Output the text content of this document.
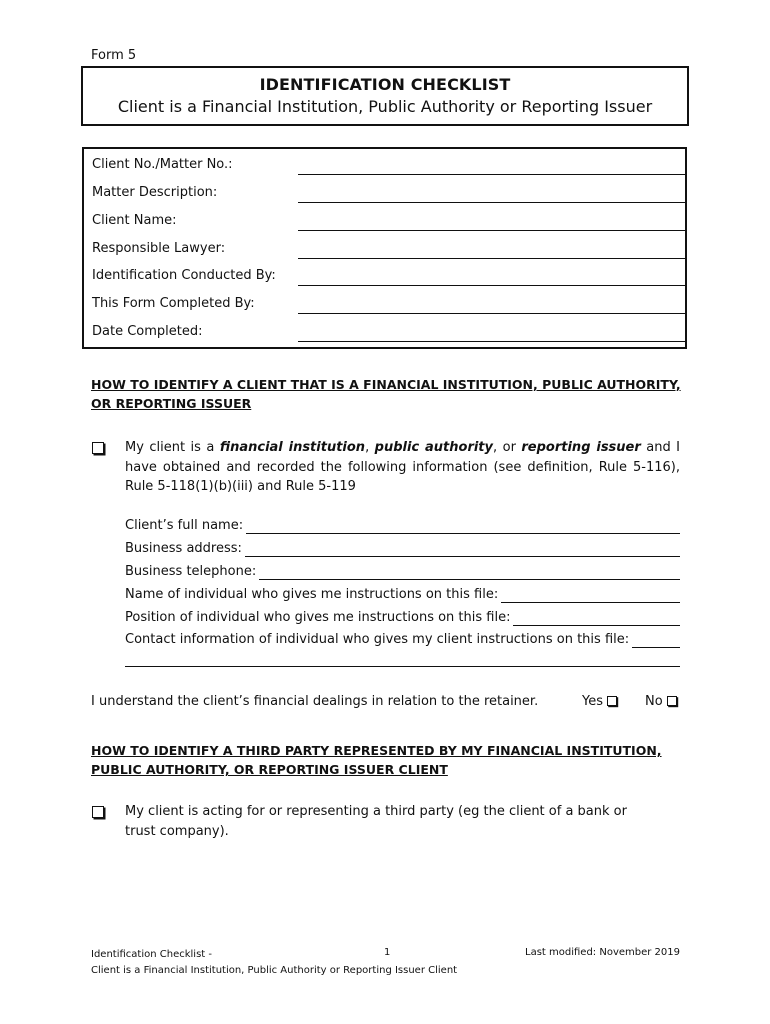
Form 5
IDENTIFICATION CHECKLIST
Client is a Financial Institution, Public Authority or Reporting Issuer
Client No./Matter No.:
Matter Description:
Client Name:
Responsible Lawyer:
Identification Conducted By:
This Form Completed By:
Date Completed:
HOW TO IDENTIFY A CLIENT THAT IS A FINANCIAL INSTITUTION, PUBLIC AUTHORITY,
OR REPORTING ISSUER
My client is a financial institution, public authority, or reporting issuer and I have obtained and recorded the following information (see definition, Rule 5-116), Rule 5-118(1)(b)(iii) and Rule 5-119
Client’s full name:
Business address:
Business telephone:
Name of individual who gives me instructions on this file:
Position of individual who gives me instructions on this file:
Contact information of individual who gives my client instructions on this file:
I understand the client’s financial dealings in relation to the retainer.	Yes	No
HOW TO IDENTIFY A THIRD PARTY REPRESENTED BY MY FINANCIAL INSTITUTION,
PUBLIC AUTHORITY, OR REPORTING ISSUER CLIENT
My client is acting for or representing a third party (eg the client of a bank or trust company).
Identification Checklist -
Client is a Financial Institution, Public Authority or Reporting Issuer Client
1	Last modified: November 2019
